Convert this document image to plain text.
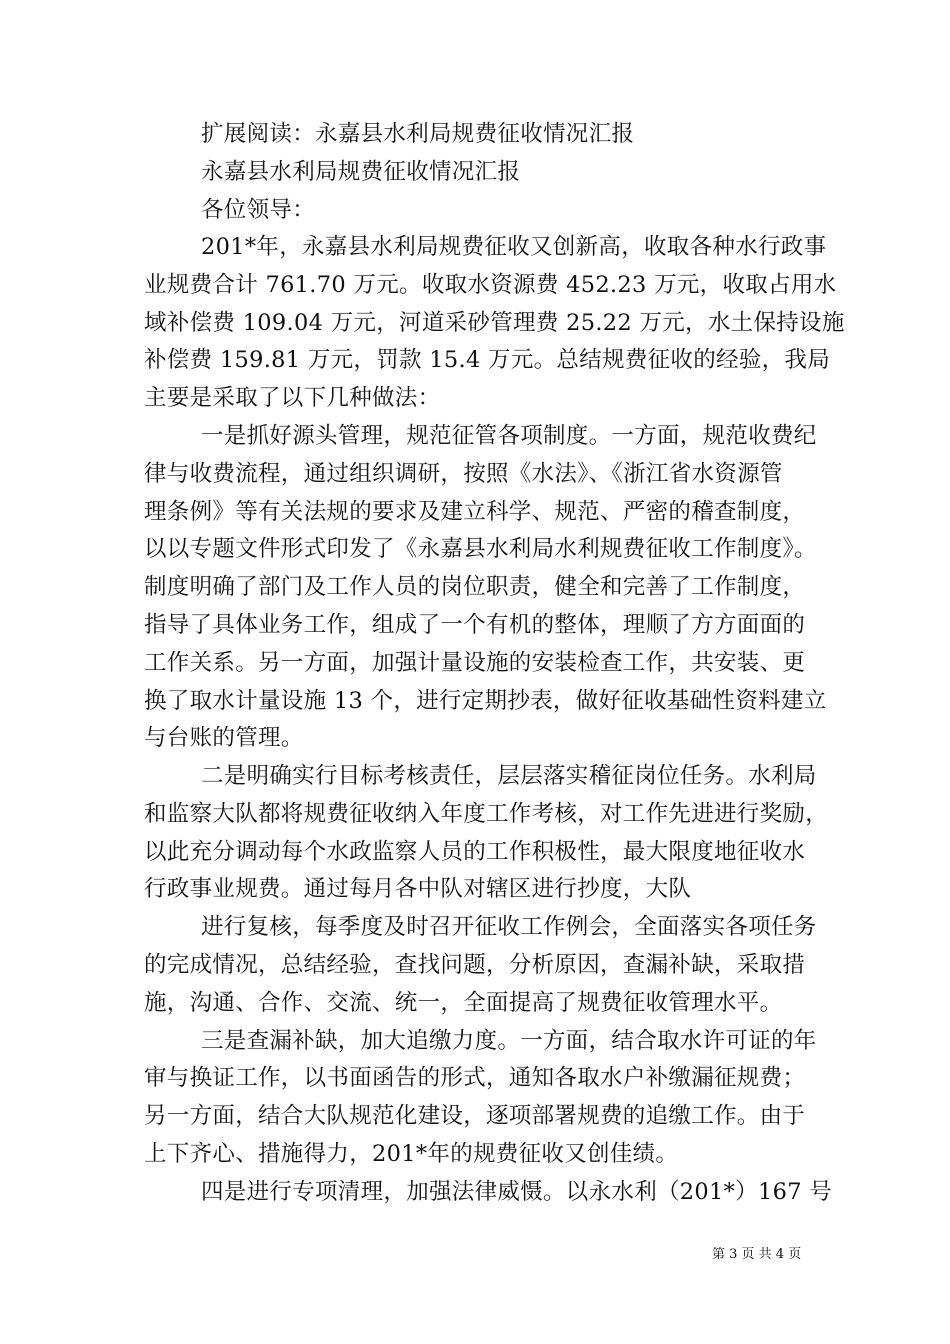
扩展阅读：永嘉县水利局规费征收情况汇报
永嘉县水利局规费征收情况汇报
各位领导：
201*年，永嘉县水利局规费征收又创新高，收取各种水行政事
业规费合计 761.70 万元。收取水资源费 452.23 万元，收取占用水
域补偿费 109.04 万元，河道采砂管理费 25.22 万元，水土保持设施
补偿费 159.81 万元，罚款 15.4 万元。总结规费征收的经验，我局
主要是采取了以下几种做法：
一是抓好源头管理，规范征管各项制度。一方面，规范收费纪
律与收费流程，通过组织调研，按照《水法》、《浙江省水资源管
理条例》等有关法规的要求及建立科学、规范、严密的稽查制度，
以以专题文件形式印发了《永嘉县水利局水利规费征收工作制度》。
制度明确了部门及工作人员的岗位职责，健全和完善了工作制度，
指导了具体业务工作，组成了一个有机的整体，理顺了方方面面的
工作关系。另一方面，加强计量设施的安装检查工作，共安装、更
换了取水计量设施 13 个，进行定期抄表，做好征收基础性资料建立
与台账的管理。
二是明确实行目标考核责任，层层落实稽征岗位任务。水利局
和监察大队都将规费征收纳入年度工作考核，对工作先进进行奖励，
以此充分调动每个水政监察人员的工作积极性，最大限度地征收水
行政事业规费。通过每月各中队对辖区进行抄度，大队
进行复核，每季度及时召开征收工作例会，全面落实各项任务
的完成情况，总结经验，查找问题，分析原因，查漏补缺，采取措
施，沟通、合作、交流、统一，全面提高了规费征收管理水平。
三是查漏补缺，加大追缴力度。一方面，结合取水许可证的年
审与换证工作，以书面函告的形式，通知各取水户补缴漏征规费；
另一方面，结合大队规范化建设，逐项部署规费的追缴工作。由于
上下齐心、措施得力，201*年的规费征收又创佳绩。
四是进行专项清理，加强法律威慑。以永水利（201*）167 号
第 3 页 共 4 页
